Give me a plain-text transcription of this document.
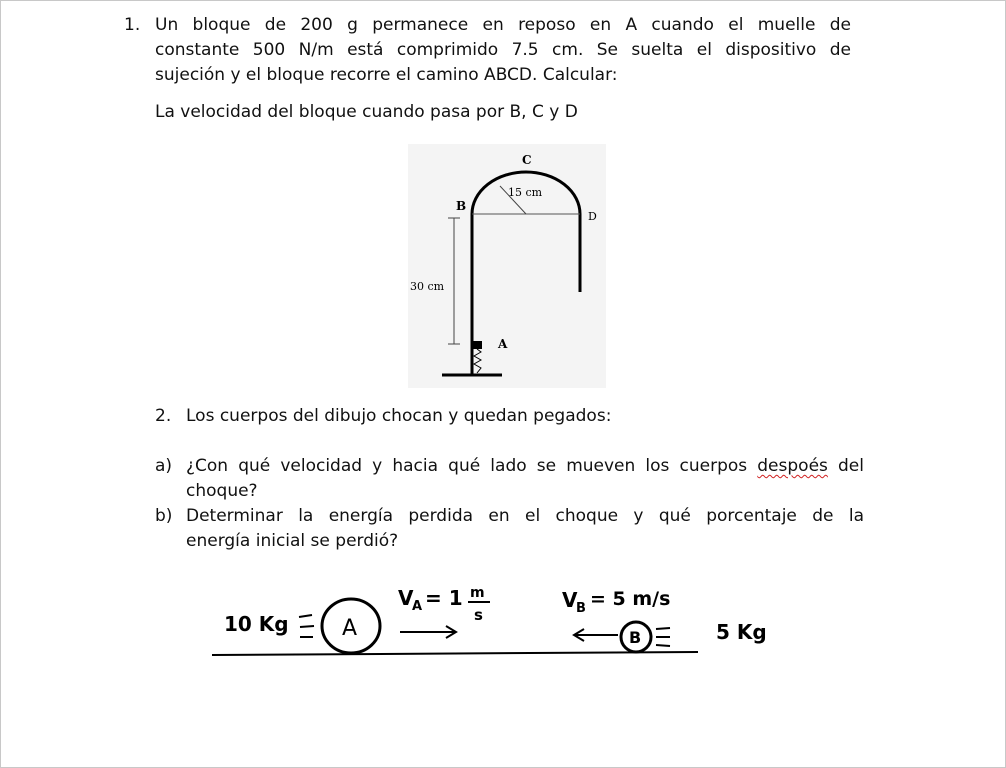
1. Un bloque de 200 g permanece en reposo en A cuando el muelle de
constante 500 N/m está comprimido 7.5 cm. Se suelta el dispositivo de
sujeción y el bloque recorre el camino ABCD. Calcular:
La velocidad del bloque cuando pasa por B, C y D
C
B
D
A
15 cm
30 cm
2. Los cuerpos del dibujo chocan y quedan pegados:
a) ¿Con qué velocidad y hacia qué lado se mueven los cuerpos despoés del
choque?
b) Determinar la energía perdida en el choque y qué porcentaje de la
energía inicial se perdió?
10 Kg A
V
A = 1 m
s
V
B = 5 m/s
B	5 Kg
